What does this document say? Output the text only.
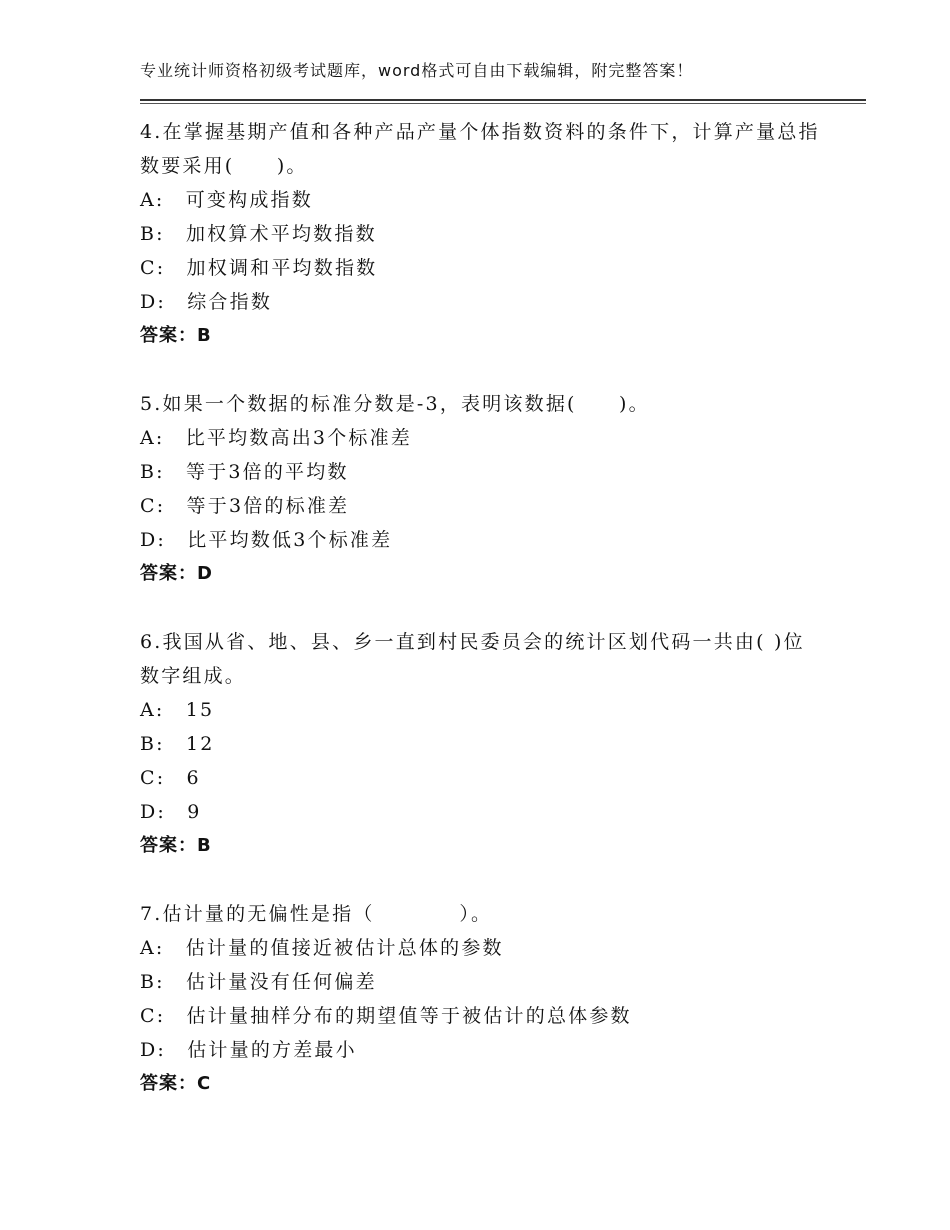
专业统计师资格初级考试题库，word格式可自由下载编辑，附完整答案！

4.在掌握基期产值和各种产品产量个体指数资料的条件下，计算产量总指数要采用(　　)。

A:　可变构成指数
B:　加权算术平均数指数
C:　加权调和平均数指数
D:　综合指数
答案：B

5.如果一个数据的标准分数是-3，表明该数据(　　)。

A:　比平均数高出3个标准差
B:　等于3倍的平均数
C:　等于3倍的标准差
D:　比平均数低3个标准差
答案：D

6.我国从省、地、县、乡一直到村民委员会的统计区划代码一共由( )位数字组成。

A:　15
B:　12
C:　6
D:　9
答案：B

7.估计量的无偏性是指（　　　　）。

A:　估计量的值接近被估计总体的参数
B:　估计量没有任何偏差
C:　估计量抽样分布的期望值等于被估计的总体参数
D:　估计量的方差最小
答案：C
